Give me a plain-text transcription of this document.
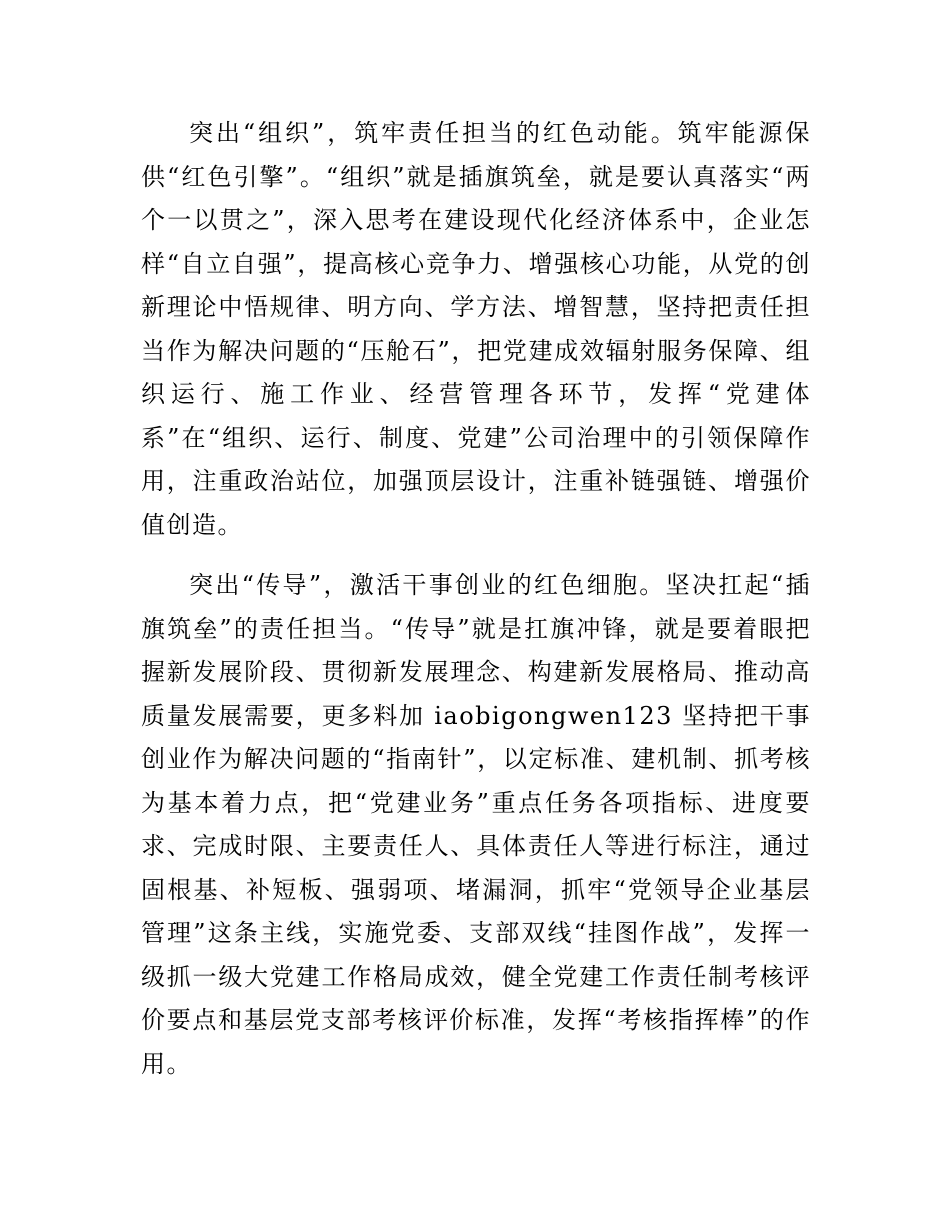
突出“组织”，筑牢责任担当的红色动能。筑牢能源保供“红色引擎”。“组织”就是插旗筑垒，就是要认真落实“两个一以贯之”，深入思考在建设现代化经济体系中，企业怎样“自立自强”，提高核心竞争力、增强核心功能，从党的创新理论中悟规律、明方向、学方法、增智慧，坚持把责任担当作为解决问题的“压舱石”，把党建成效辐射服务保障、组织运行、施工作业、经营管理各环节，发挥“党建体系”在“组织、运行、制度、党建”公司治理中的引领保障作用，注重政治站位，加强顶层设计，注重补链强链、增强价值创造。

突出“传导”，激活干事创业的红色细胞。坚决扛起“插旗筑垒”的责任担当。“传导”就是扛旗冲锋，就是要着眼把握新发展阶段、贯彻新发展理念、构建新发展格局、推动高质量发展需要，更多料加 iaobigongwen123 坚持把干事创业作为解决问题的“指南针”，以定标准、建机制、抓考核为基本着力点，把“党建业务”重点任务各项指标、进度要求、完成时限、主要责任人、具体责任人等进行标注，通过固根基、补短板、强弱项、堵漏洞，抓牢“党领导企业基层管理”这条主线，实施党委、支部双线“挂图作战”，发挥一级抓一级大党建工作格局成效，健全党建工作责任制考核评价要点和基层党支部考核评价标准，发挥“考核指挥棒”的作用。
